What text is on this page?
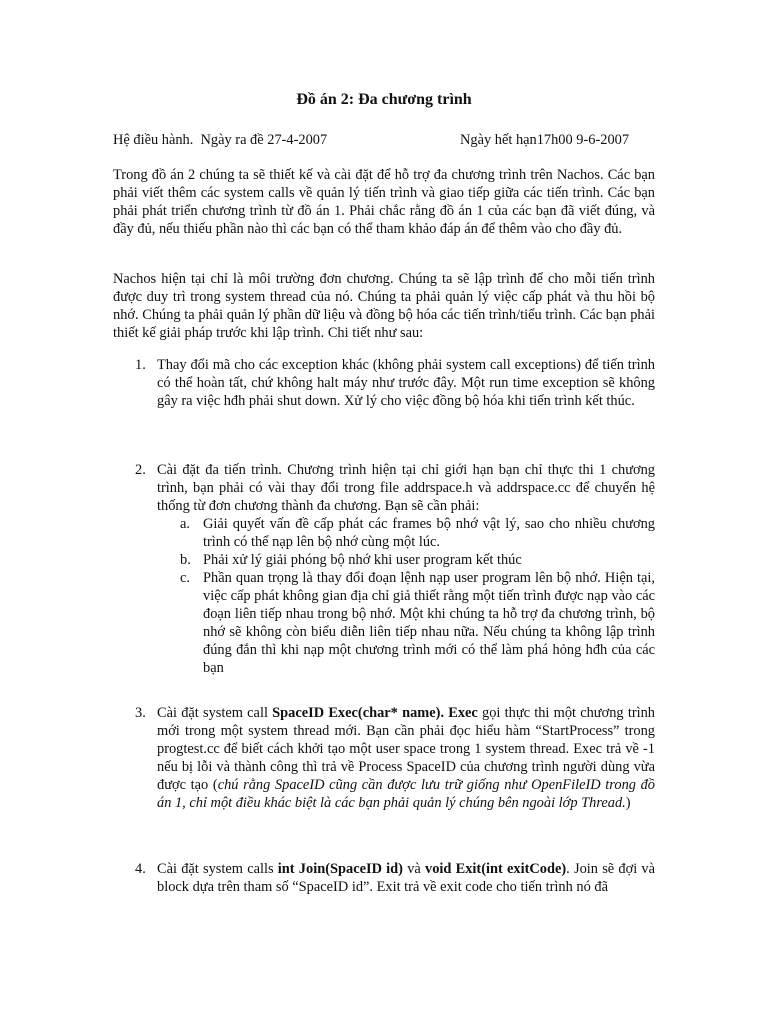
Đồ án 2: Đa chương trình
Hệ điều hành.  Ngày ra đề 27-4-2007	Ngày hết hạn17h00 9-6-2007
Trong đồ án 2 chúng ta sẽ thiết kế và cài đặt để hỗ trợ đa chương trình trên Nachos. Các bạn phải viết thêm các system calls về quản lý tiến trình và giao tiếp giữa các tiến trình. Các bạn phải phát triển chương trình từ đồ án 1. Phải chắc rằng đồ án 1 của các bạn đã viết đúng, và đầy đủ, nếu thiếu phần nào thì các bạn có thể tham khảo đáp án để thêm vào cho đầy đủ.
Nachos hiện tại chỉ là môi trường đơn chương. Chúng ta sẽ lập trình để cho mỗi tiến trình được duy trì trong system thread của nó. Chúng ta phải quản lý việc cấp phát và thu hồi bộ nhớ. Chúng ta phải quản lý phần dữ liệu và đồng bộ hóa các tiến trình/tiểu trình. Các bạn phải thiết kế giải pháp trước khi lập trình. Chi tiết như sau:
1. Thay đổi mã cho các exception khác (không phải system call exceptions) để tiến trình có thể hoàn tất, chứ không halt máy như trước đây. Một run time exception sẽ không gây ra việc hđh phải shut down. Xử lý cho việc đồng bộ hóa khi tiến trình kết thúc.
2. Cài đặt đa tiến trình. Chương trình hiện tại chỉ giới hạn bạn chỉ thực thi 1 chương trình, bạn phải có vài thay đổi trong file addrspace.h và addrspace.cc để chuyển hệ thống từ đơn chương thành đa chương. Bạn sẽ cần phải:
a. Giải quyết vấn đề cấp phát các frames bộ nhớ vật lý, sao cho nhiều chương trình có thể nạp lên bộ nhớ cùng một lúc.
b. Phải xử lý giải phóng bộ nhớ khi user program kết thúc
c. Phần quan trọng là thay đổi đoạn lệnh nạp user program lên bộ nhớ. Hiện tại, việc cấp phát không gian địa chỉ giả thiết rằng một tiến trình được nạp vào các đoạn liên tiếp nhau trong bộ nhớ. Một khi chúng ta hỗ trợ đa chương trình, bộ nhớ sẽ không còn biểu diễn liên tiếp nhau nữa. Nếu chúng ta không lập trình đúng đắn thì khi nạp một chương trình mới có thể làm phá hỏng hđh của các bạn
3. Cài đặt system call SpaceID Exec(char* name). Exec gọi thực thi một chương trình mới trong một system thread mới. Bạn cần phải đọc hiểu hàm “StartProcess” trong progtest.cc để biết cách khởi tạo một user space trong 1 system thread. Exec trả về -1 nếu bị lỗi và thành công thì trả về Process SpaceID của chương trình người dùng vừa được tạo (chú rằng SpaceID cũng cần được lưu trữ giống như OpenFileID trong đồ án 1, chỉ một điều khác biệt là các bạn phải quản lý chúng bên ngoài lớp Thread.)
4. Cài đặt system calls int Join(SpaceID id) và void Exit(int exitCode). Join sẽ đợi và block dựa trên tham số “SpaceID id”. Exit trả về exit code cho tiến trình nó đã
